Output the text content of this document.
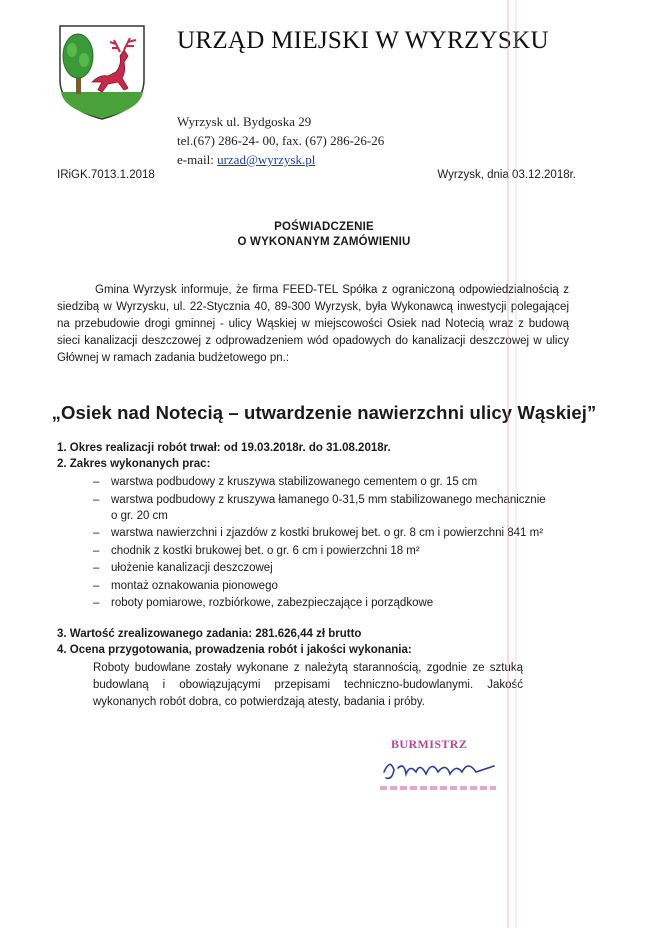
URZĄD MIEJSKI W WYRZYSKU
Wyrzysk ul. Bydgoska 29
tel.(67) 286-24- 00, fax. (67) 286-26-26
e-mail: urzad@wyrzysk.pl
IRiGK.7013.1.2018	Wyrzysk, dnia 03.12.2018r.
POŚWIADCZENIE
O WYKONANYM ZAMÓWIENIU
Gmina Wyrzysk informuje, że firma FEED-TEL Spółka z ograniczoną odpowiedzialnością z siedzibą w Wyrzysku, ul. 22-Stycznia 40, 89-300 Wyrzysk, była Wykonawcą inwestycji polegającej na przebudowie drogi gminnej - ulicy Wąskiej w miejscowości Osiek nad Notecią wraz z budową sieci kanalizacji deszczowej z odprowadzeniem wód opadowych do kanalizacji deszczowej w ulicy Głównej w ramach zadania budżetowego pn.:
„Osiek nad Notecią – utwardzenie nawierzchni ulicy Wąskiej”
1. Okres realizacji robót trwał: od 19.03.2018r. do 31.08.2018r.
2. Zakres wykonanych prac:
– warstwa podbudowy z kruszywa stabilizowanego cementem o gr. 15 cm
– warstwa podbudowy z kruszywa łamanego 0-31,5 mm stabilizowanego mechanicznie o gr. 20 cm
– warstwa nawierzchni i zjazdów z kostki brukowej bet. o gr. 8 cm i powierzchni 841 m²
– chodnik z kostki brukowej bet. o gr. 6 cm i powierzchni 18 m²
– ułożenie kanalizacji deszczowej
– montaż oznakowania pionowego
– roboty pomiarowe, rozbiórkowe, zabezpieczające i porządkowe
3. Wartość zrealizowanego zadania: 281.626,44 zł brutto
4. Ocena przygotowania, prowadzenia robót i jakości wykonania:
Roboty budowlane zostały wykonane z należytą starannością, zgodnie ze sztuką budowlaną i obowiązującymi przepisami techniczno-budowlanymi. Jakość wykonanych robót dobra, co potwierdzają atesty, badania i próby.
BURMISTRZ
